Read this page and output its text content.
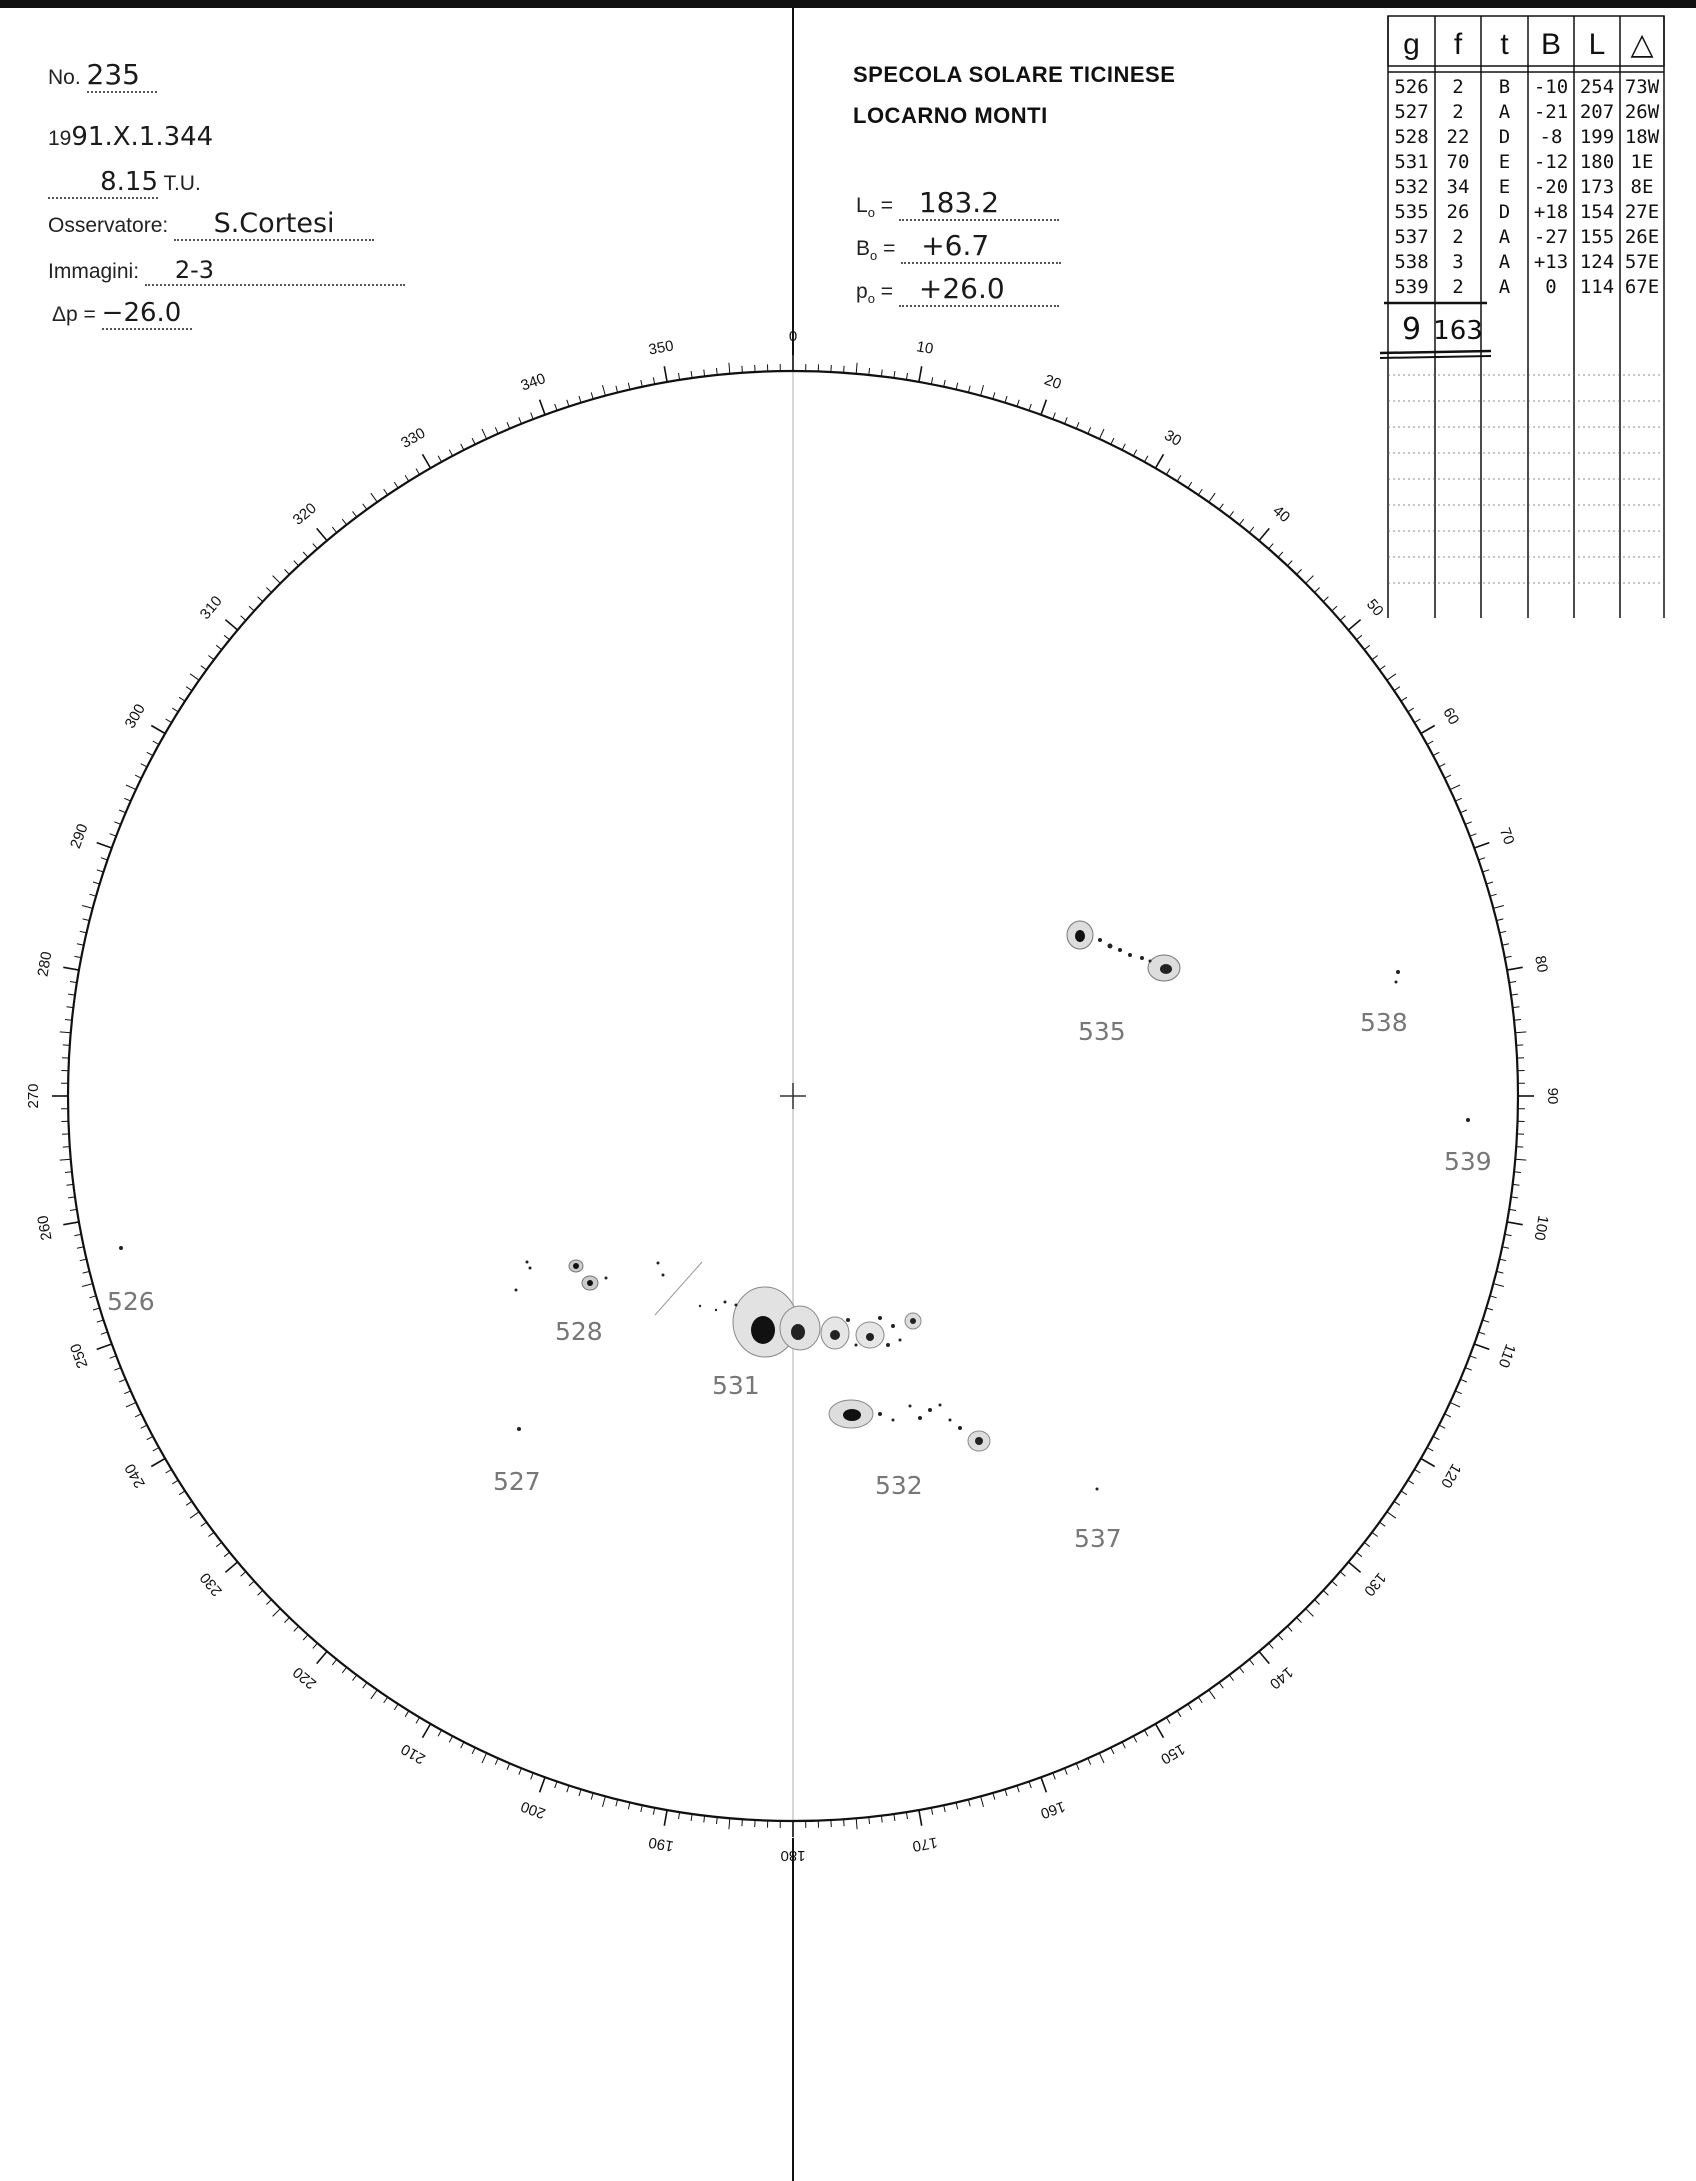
No. 235
1991.X.1.344
8.15 T.U.
Osservatore: S.Cortesi
Immagini: 2-3
Δp = −26.0
SPECOLA SOLARE TICINESE
LOCARNO MONTI
$L_o = 183.2$
$B_o = +6.7$
$p_o = +26.0$
0
10
20
30
40
50
60
70
80
90
100
110
120
130
140
150
160
170
180
190
200
210
220
230
240
250
260
270
280
290
300
310
320
330
340
350
535	538
539
526
528
531
527	532
537
g f t B L △
526 2 B -10 254 73W
527 2 A -21 207 26W
528 22 D -8 199 18W
531 70 E -12 180 1E
532 34 E -20 173 8E
535 26 D +18 154 27E
537 2 A -27 155 26E
538 3 A +13 124 57E
539 2 A 0 114 67E
9 163
